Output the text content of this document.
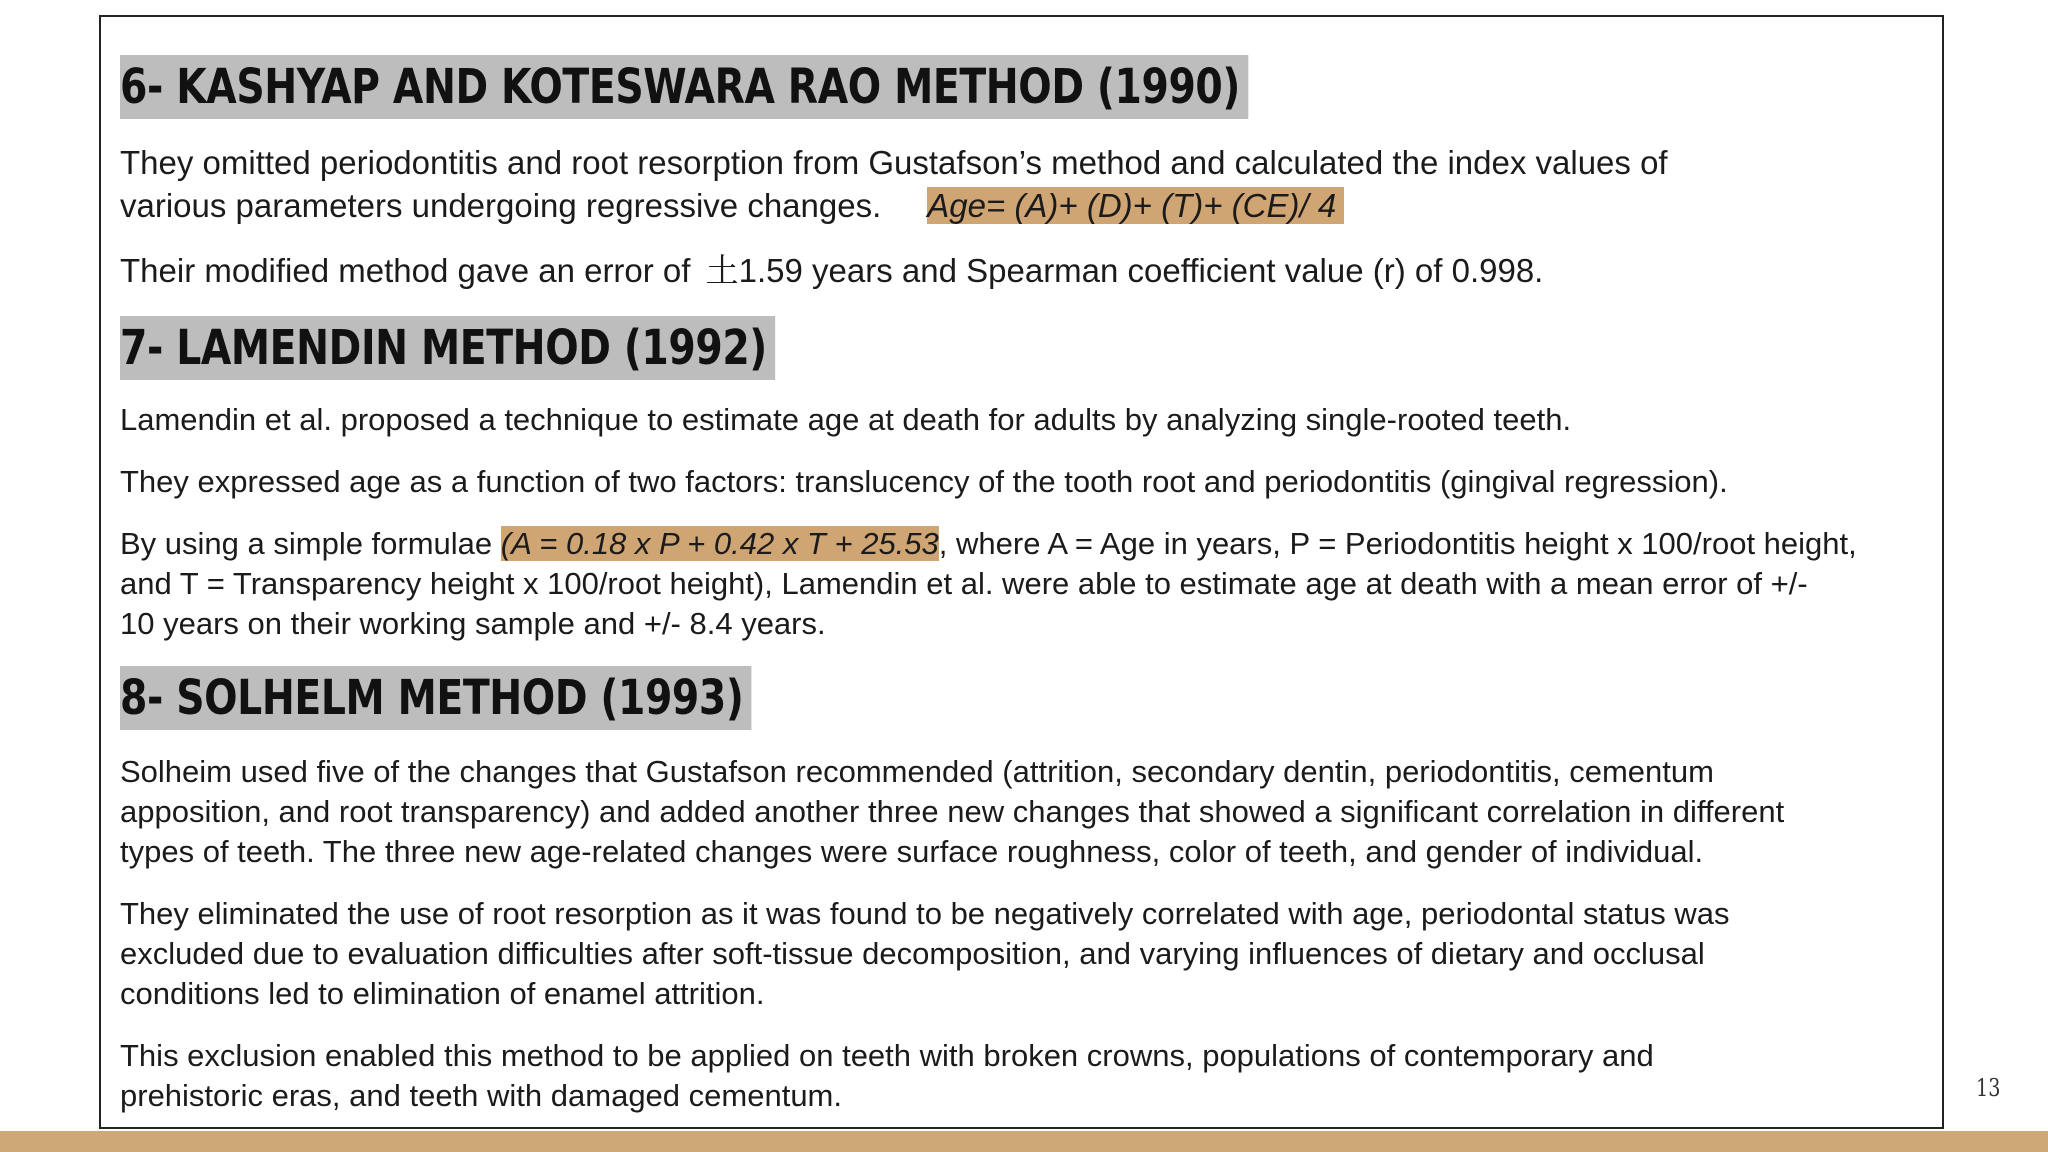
6- KASHYAP AND KOTESWARA RAO METHOD (1990)

They omitted periodontitis and root resorption from Gustafson’s method and calculated the index values of

various parameters undergoing regressive changes. Age= (A)+ (D)+ (T)+ (CE)/ 4

Their modified method gave an error of 土1.59 years and Spearman coefficient value (r) of 0.998.

7- LAMENDIN METHOD (1992)

Lamendin et al. proposed a technique to estimate age at death for adults by analyzing single-rooted teeth.

They expressed age as a function of two factors: translucency of the tooth root and periodontitis (gingival regression).

By using a simple formulae (A = 0.18 x P + 0.42 x T + 25.53, where A = Age in years, P = Periodontitis height x 100/root height,

and T = Transparency height x 100/root height), Lamendin et al. were able to estimate age at death with a mean error of +/-

10 years on their working sample and +/- 8.4 years.

8- SOLHELM METHOD (1993)

Solheim used five of the changes that Gustafson recommended (attrition, secondary dentin, periodontitis, cementum

apposition, and root transparency) and added another three new changes that showed a significant correlation in different

types of teeth. The three new age-related changes were surface roughness, color of teeth, and gender of individual.

They eliminated the use of root resorption as it was found to be negatively correlated with age, periodontal status was

excluded due to evaluation difficulties after soft-tissue decomposition, and varying influences of dietary and occlusal

conditions led to elimination of enamel attrition.

This exclusion enabled this method to be applied on teeth with broken crowns, populations of contemporary and

prehistoric eras, and teeth with damaged cementum.	13
